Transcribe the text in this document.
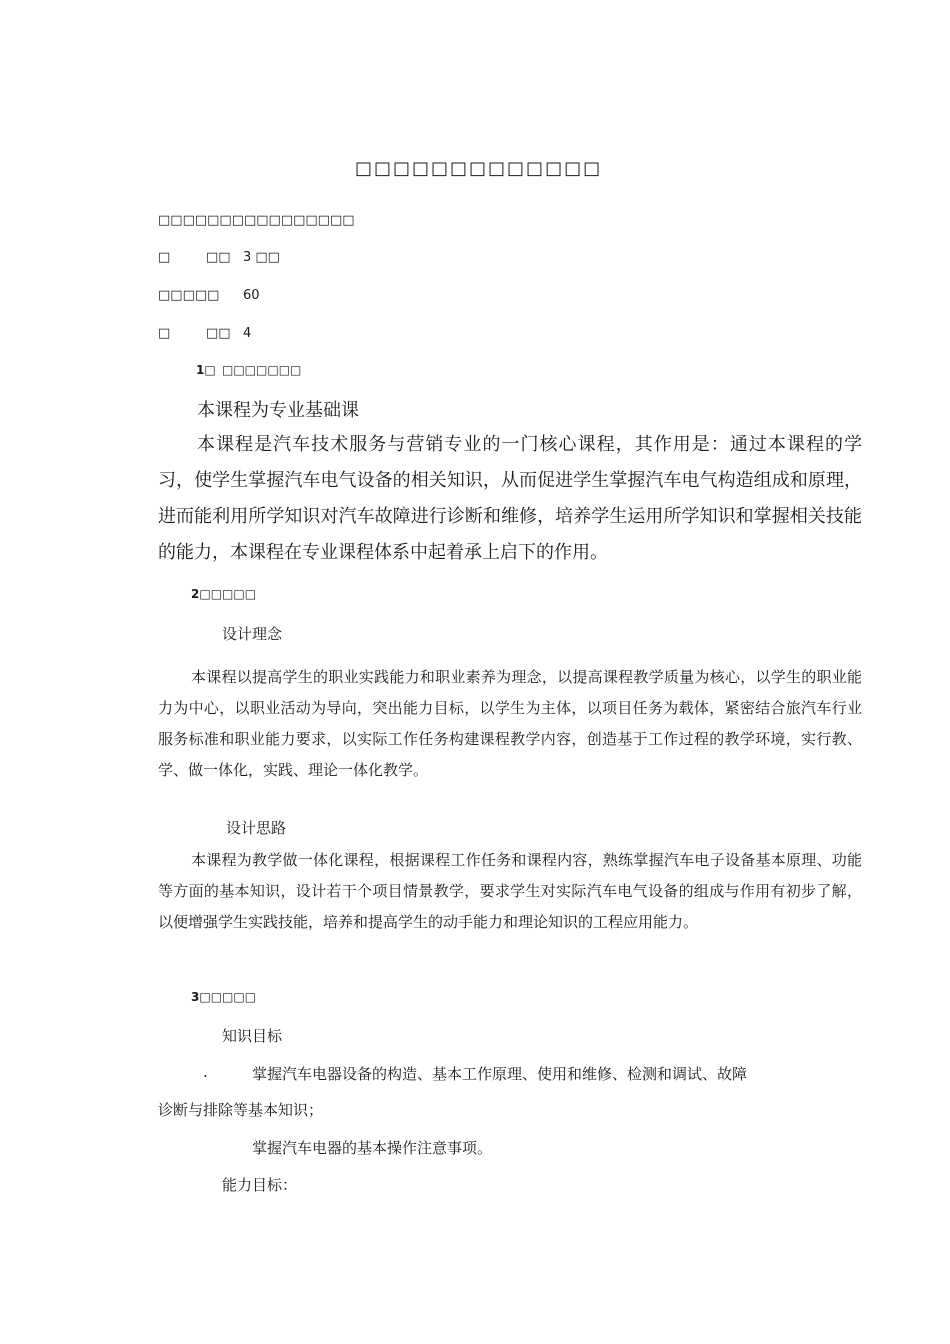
□□□□□□□□□□□□□
□□□□□□□□□□□□□□□□
□	□□ 3 □□
□□□□□ 60
□	□□ 4
1□ □□□□□□□
本课程为专业基础课
本课程是汽车技术服务与营销专业的一门核心课程，其作用是：通过本课程的学习，使学生掌握汽车电气设备的相关知识，从而促进学生掌握汽车电气构造组成和原理，进而能利用所学知识对汽车故障进行诊断和维修，培养学生运用所学知识和掌握相关技能的能力，本课程在专业课程体系中起着承上启下的作用。
2□□□□□
设计理念
本课程以提高学生的职业实践能力和职业素养为理念，以提高课程教学质量为核心，以学生的职业能力为中心，以职业活动为导向，突出能力目标，以学生为主体，以项目任务为载体，紧密结合旅汽车行业服务标准和职业能力要求，以实际工作任务构建课程教学内容，创造基于工作过程的教学环境，实行教、学、做一体化，实践、理论一体化教学。
设计思路
本课程为教学做一体化课程，根据课程工作任务和课程内容，熟练掌握汽车电子设备基本原理、功能等方面的基本知识，设计若干个项目情景教学，要求学生对实际汽车电气设备的组成与作用有初步了解，以便增强学生实践技能，培养和提高学生的动手能力和理论知识的工程应用能力。
3□□□□□
知识目标
.	掌握汽车电器设备的构造、基本工作原理、使用和维修、检测和调试、故障
诊断与排除等基本知识；
掌握汽车电器的基本操作注意事项。
能力目标：
